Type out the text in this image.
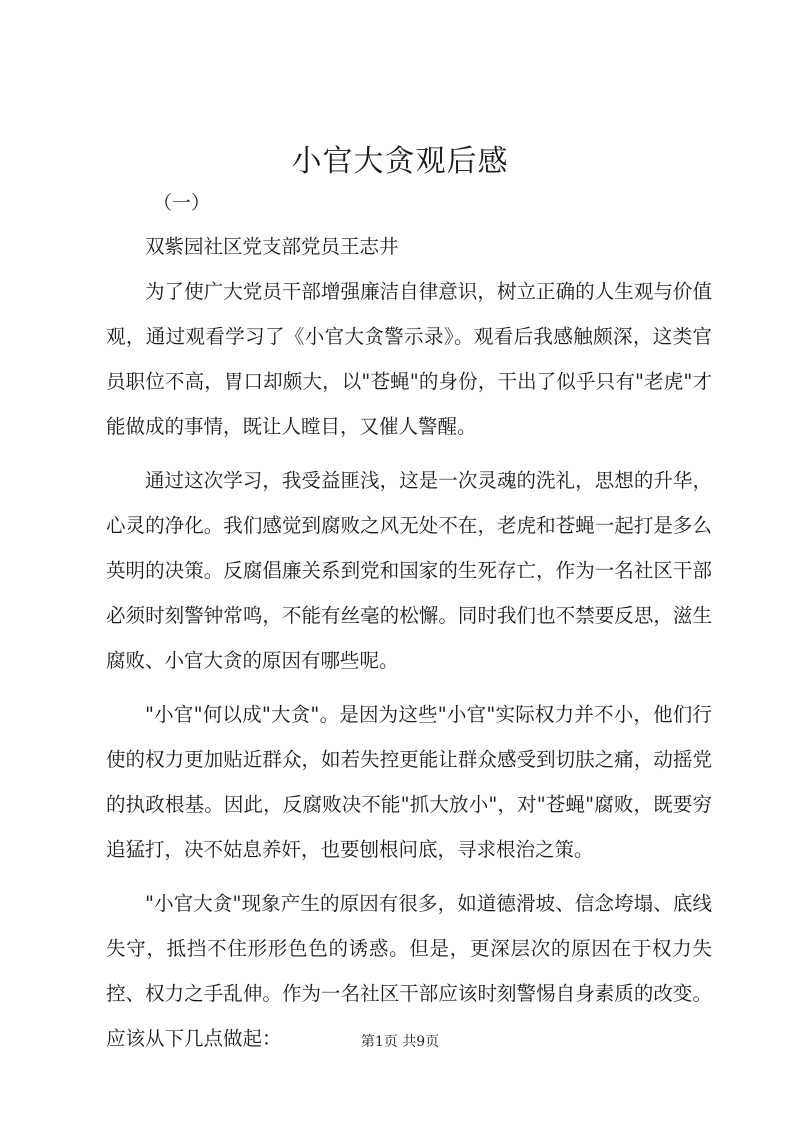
小官大贪观后感
（一）

双紫园社区党支部党员王志井

为了使广大党员干部增强廉洁自律意识，树立正确的人生观与价值观，通过观看学习了《小官大贪警示录》。观看后我感触颇深，这类官员职位不高，胃口却颇大，以"苍蝇"的身份，干出了似乎只有"老虎"才能做成的事情，既让人瞠目，又催人警醒。

通过这次学习，我受益匪浅，这是一次灵魂的洗礼，思想的升华，心灵的净化。我们感觉到腐败之风无处不在，老虎和苍蝇一起打是多么英明的决策。反腐倡廉关系到党和国家的生死存亡，作为一名社区干部必须时刻警钟常鸣，不能有丝毫的松懈。同时我们也不禁要反思，滋生腐败、小官大贪的原因有哪些呢。

"小官"何以成"大贪"。是因为这些"小官"实际权力并不小，他们行使的权力更加贴近群众，如若失控更能让群众感受到切肤之痛，动摇党的执政根基。因此，反腐败决不能"抓大放小"，对"苍蝇"腐败，既要穷追猛打，决不姑息养奸，也要刨根问底，寻求根治之策。

"小官大贪"现象产生的原因有很多，如道德滑坡、信念垮塌、底线失守，抵挡不住形形色色的诱惑。但是，更深层次的原因在于权力失控、权力之手乱伸。作为一名社区干部应该时刻警惕自身素质的改变。应该从下几点做起：	第1页 共9页
